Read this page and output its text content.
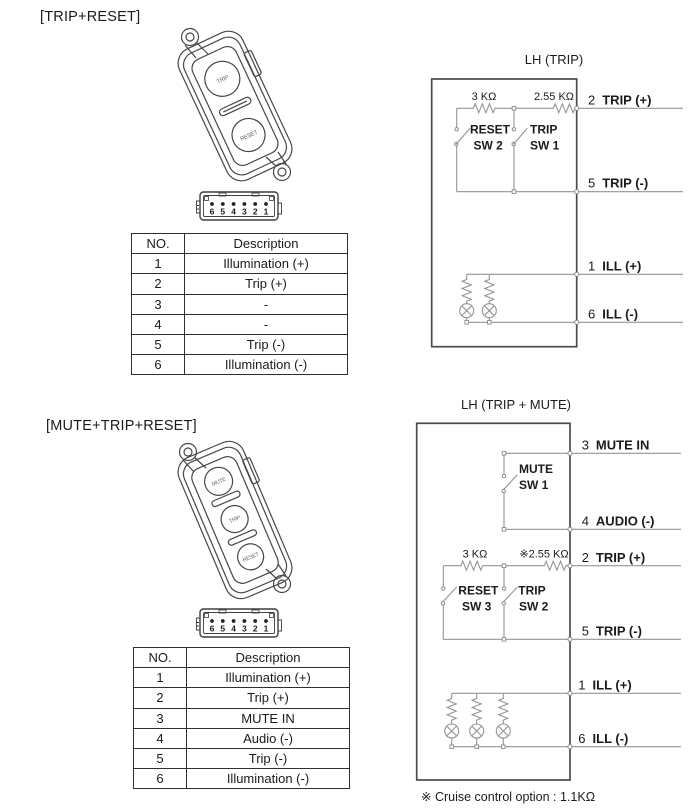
[TRIP+RESET]
TRIP
RESET
6 5 4 3 2 1
NO.	Description
1	Illumination (+)
2	Trip (+)
3	-
4	-
5	Trip (-)
6	Illumination (-)
LH (TRIP)
3 KΩ	2.55 KΩ
RESET
SW 2
TRIP
SW 1
2 TRIP (+)
5 TRIP (-)
1 ILL (+)
6 ILL (-)
[MUTE+TRIP+RESET]
MUTE
TRIP
RESET
6 5 4 3 2 1
NO.	Description
1	Illumination (+)
2	Trip (+)
3	MUTE IN
4	Audio (-)
5	Trip (-)
6	Illumination (-)
LH (TRIP + MUTE)
MUTE
SW 1
3 KΩ	※2.55 KΩ
RESET
SW 3
TRIP
SW 2
3 MUTE IN
4 AUDIO (-)
2 TRIP (+)
5 TRIP (-)
1 ILL (+)
6 ILL (-)
※ Cruise control option : 1.1KΩ
